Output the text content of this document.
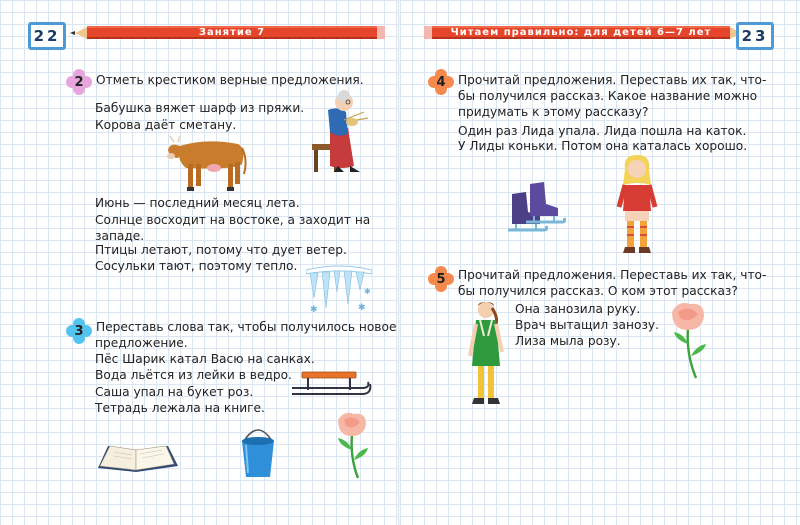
22	Занятие 7
2	Отметь крестиком верные предложения.
Бабушка вяжет шарф из пряжи.
Корова даёт сметану.
Июнь — последний месяц лета.
Солнце восходит на востоке, а заходит на
западе.
Птицы летают, потому что дует ветер.
Сосульки тают, поэтому тепло.
✱	✱
✱
3	Переставь слова так, чтобы получилось новое
предложение.
Пёс Шарик катал Васю на санках.
Вода льётся из лейки в ведро.
Саша упал на букет роз.
Тетрадь лежала на книге.
Читаем правильно: для детей 6—7 лет	23
4	Прочитай предложения. Переставь их так, что-
бы получился рассказ. Какое название можно
придумать к этому рассказу?
Один раз Лида упала. Лида пошла на каток.
У Лиды коньки. Потом она каталась хорошо.
5	Прочитай предложения. Переставь их так, что-
бы получился рассказ. О ком этот рассказ?
Она занозила руку.
Врач вытащил занозу.
Лиза мыла розу.
